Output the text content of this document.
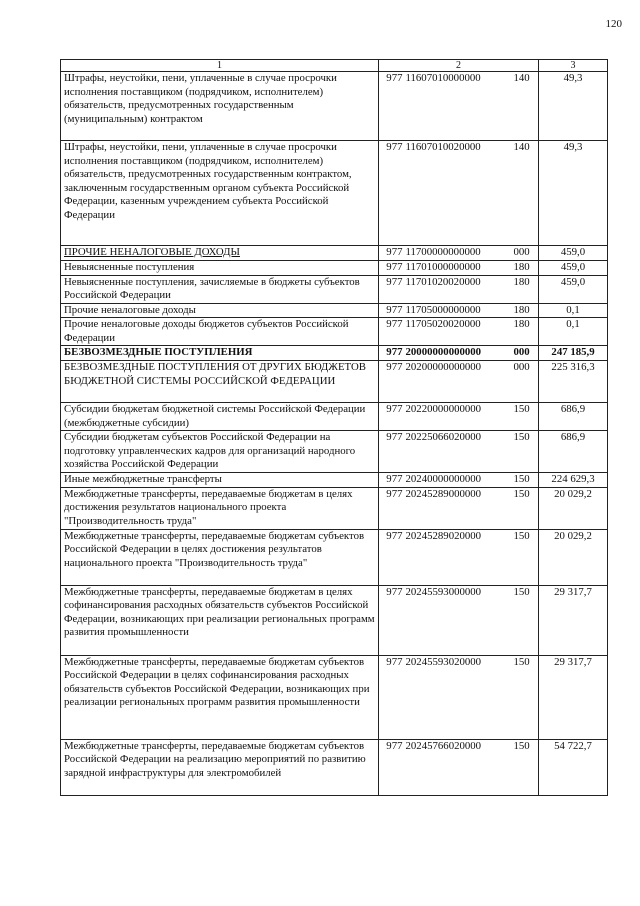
120
1	2			3
Штрафы, неустойки, пени, уплаченные в случае просрочки исполнения поставщиком (подрядчиком, исполнителем) обязательств, предусмотренных государственным (муниципальным) контрактом	977	11607010000000	140	49,3
Штрафы, неустойки, пени, уплаченные в случае просрочки исполнения поставщиком (подрядчиком, исполнителем) обязательств, предусмотренных государственным контрактом, заключенным государственным органом субъекта Российской Федерации, казенным учреждением субъекта Российской Федерации	977	11607010020000	140	49,3
ПРОЧИЕ НЕНАЛОГОВЫЕ ДОХОДЫ	977	11700000000000	000	459,0
Невыясненные поступления	977	11701000000000	180	459,0
Невыясненные поступления, зачисляемые в бюджеты субъектов Российской Федерации	977	11701020020000	180	459,0
Прочие неналоговые доходы	977	11705000000000	180	0,1
Прочие неналоговые доходы бюджетов субъектов Российской Федерации	977	11705020020000	180	0,1
БЕЗВОЗМЕЗДНЫЕ ПОСТУПЛЕНИЯ	977	20000000000000	000	247 185,9
БЕЗВОЗМЕЗДНЫЕ ПОСТУПЛЕНИЯ ОТ ДРУГИХ БЮДЖЕТОВ БЮДЖЕТНОЙ СИСТЕМЫ РОССИЙСКОЙ ФЕДЕРАЦИИ	977	20200000000000	000	225 316,3
Субсидии бюджетам бюджетной системы Российской Федерации (межбюджетные субсидии)	977	20220000000000	150	686,9
Субсидии бюджетам субъектов Российской Федерации на подготовку управленческих кадров для организаций народного хозяйства Российской Федерации	977	20225066020000	150	686,9
Иные межбюджетные трансферты	977	20240000000000	150	224 629,3
Межбюджетные трансферты, передаваемые бюджетам в целях достижения результатов национального проекта "Производительность труда"	977	20245289000000	150	20 029,2
Межбюджетные трансферты, передаваемые бюджетам субъектов Российской Федерации в целях достижения результатов национального проекта "Производительность труда"	977	20245289020000	150	20 029,2
Межбюджетные трансферты, передаваемые бюджетам в целях софинансирования расходных обязательств субъектов Российской Федерации, возникающих при реализации региональных программ развития промышленности	977	20245593000000	150	29 317,7
Межбюджетные трансферты, передаваемые бюджетам субъектов Российской Федерации в целях софинансирования расходных обязательств субъектов Российской Федерации, возникающих при реализации региональных программ развития промышленности	977	20245593020000	150	29 317,7
Межбюджетные трансферты, передаваемые бюджетам субъектов Российской Федерации на реализацию мероприятий по развитию зарядной инфраструктуры для электромобилей	977	20245766020000	150	54 722,7
